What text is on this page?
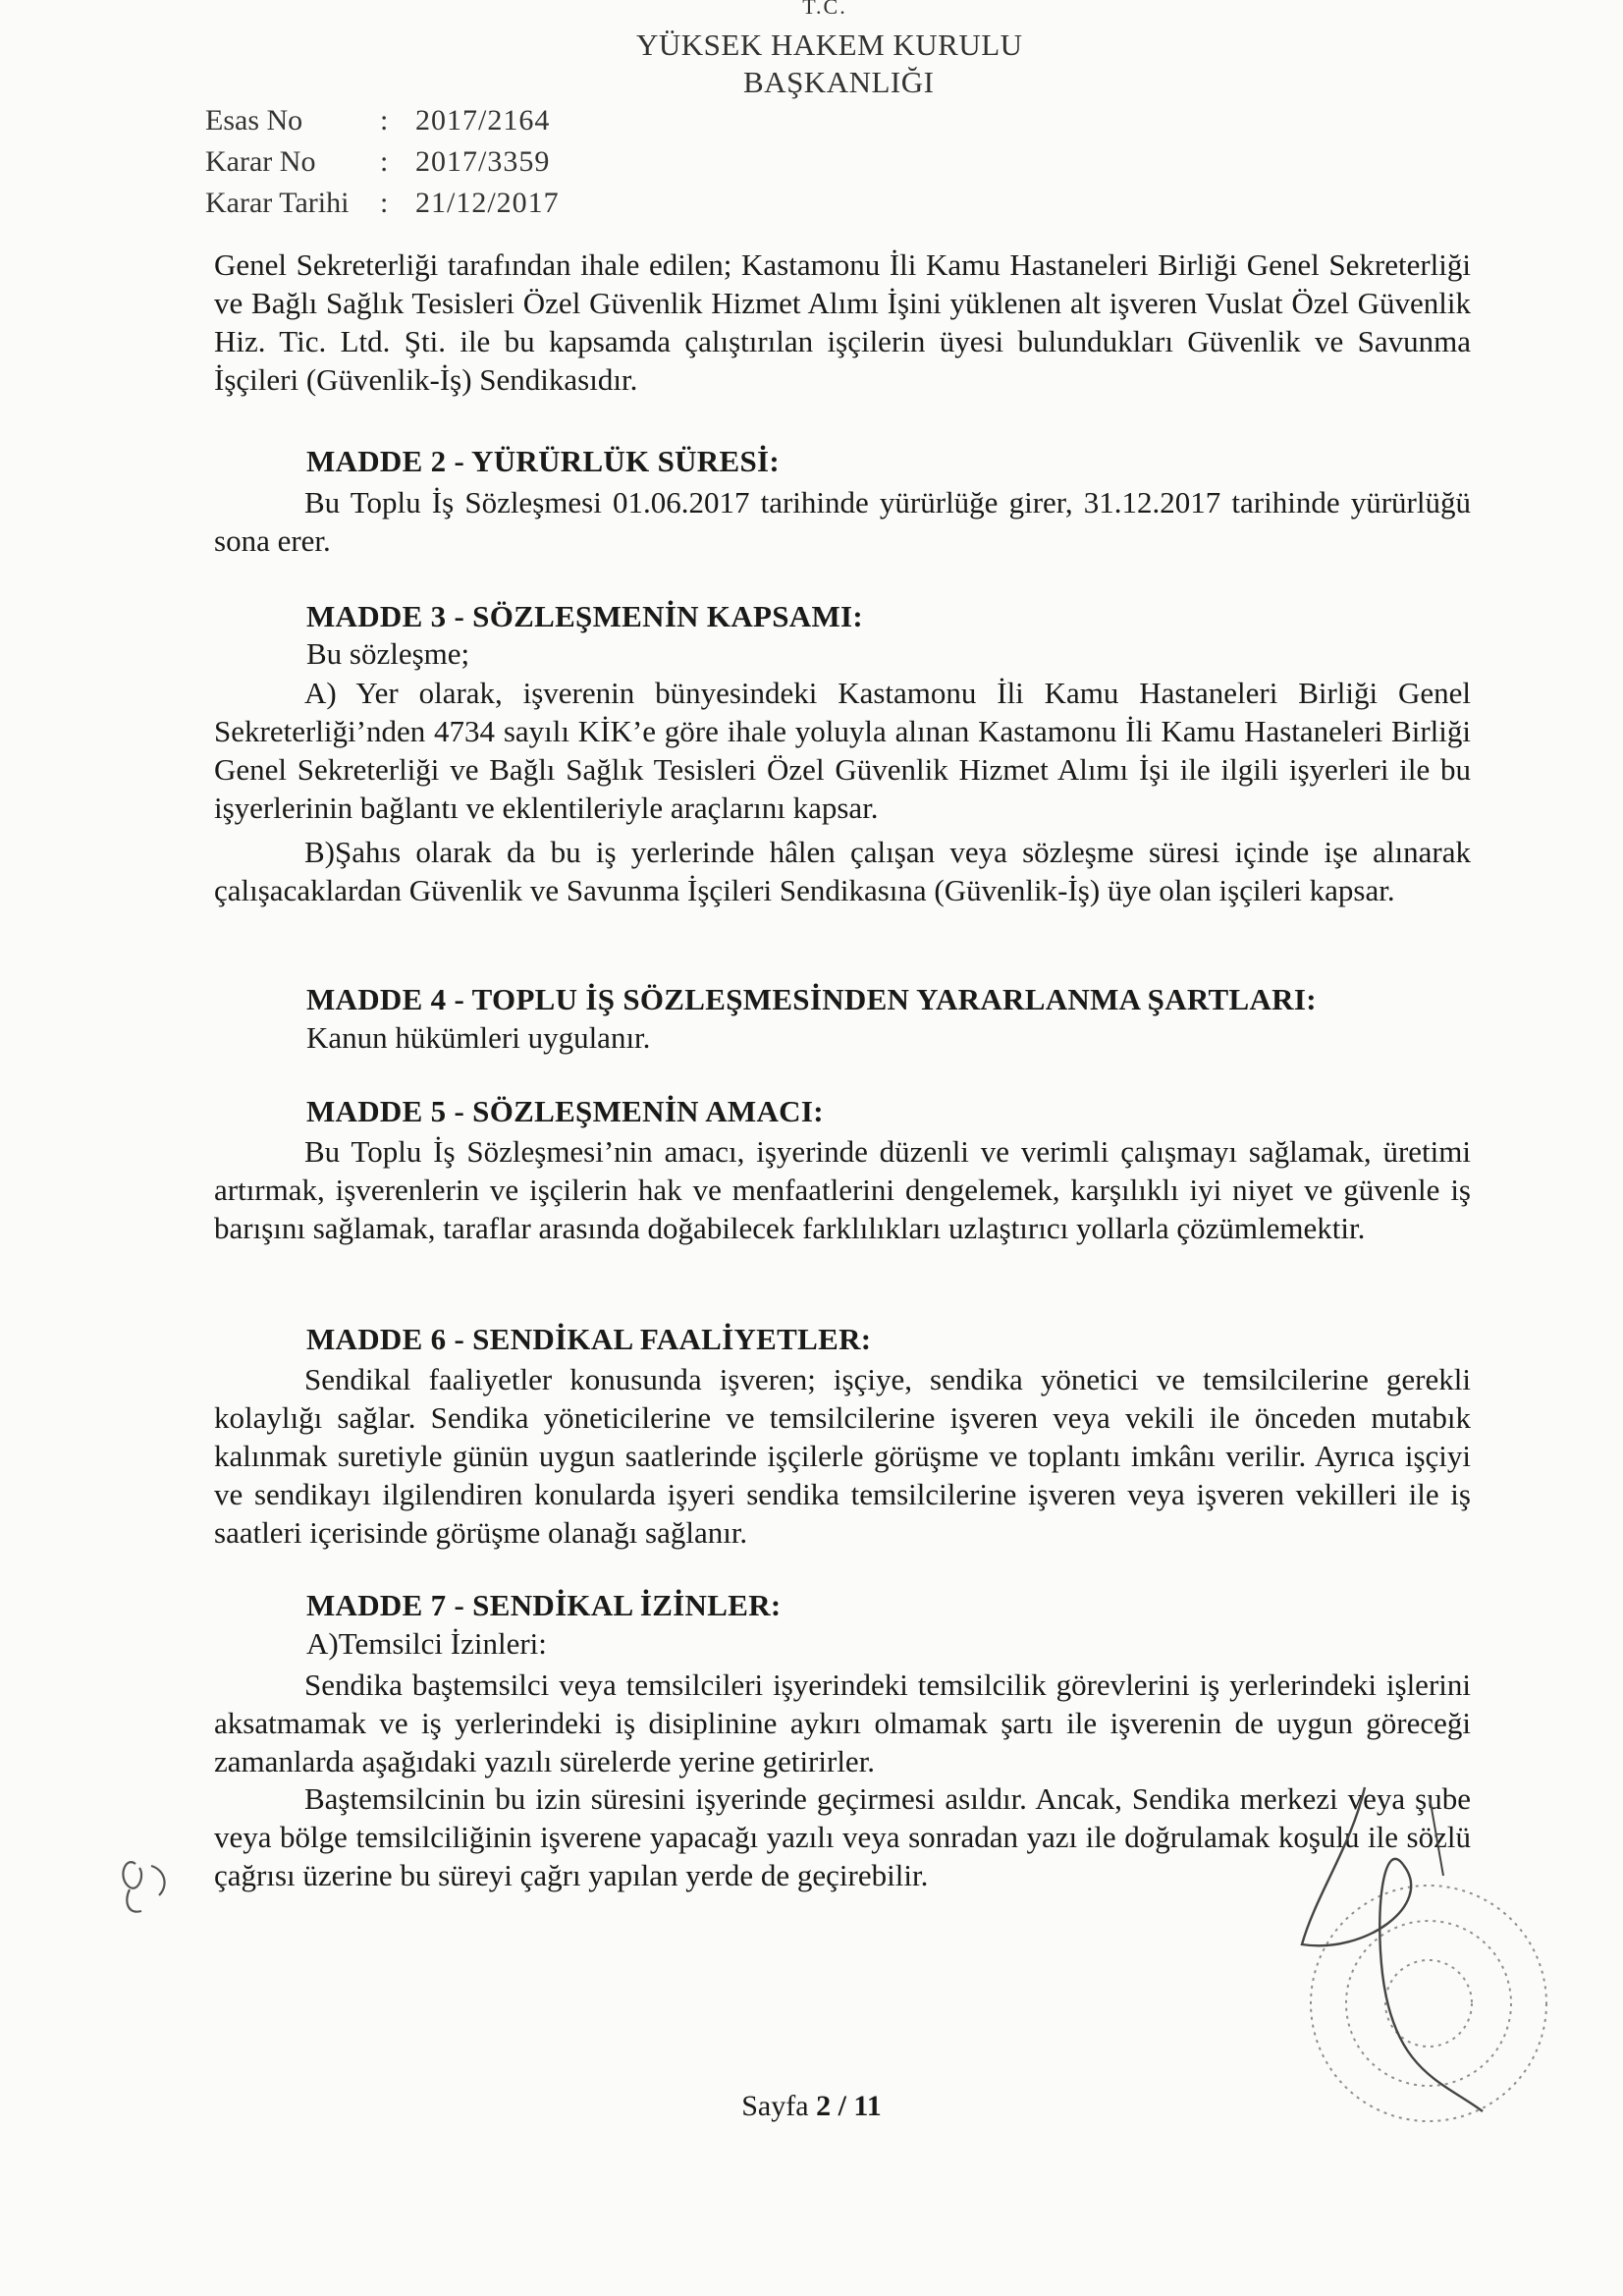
T.C.
YÜKSEK HAKEM KURULU
BAŞKANLIĞI
Esas No	: 2017/2164
Karar No	: 2017/3359
Karar Tarihi	: 21/12/2017

Genel Sekreterliği tarafından ihale edilen; Kastamonu İli Kamu Hastaneleri Birliği Genel Sekreterliği ve Bağlı Sağlık Tesisleri Özel Güvenlik Hizmet Alımı İşini yüklenen alt işveren Vuslat Özel Güvenlik Hiz. Tic. Ltd. Şti. ile bu kapsamda çalıştırılan işçilerin üyesi bulundukları Güvenlik ve Savunma İşçileri (Güvenlik-İş) Sendikasıdır.

MADDE 2 - YÜRÜRLÜK SÜRESİ:

Bu Toplu İş Sözleşmesi 01.06.2017 tarihinde yürürlüğe girer, 31.12.2017 tarihinde yürürlüğü sona erer.

MADDE 3 - SÖZLEŞMENİN KAPSAMI:
Bu sözleşme;

A) Yer olarak, işverenin bünyesindeki Kastamonu İli Kamu Hastaneleri Birliği Genel Sekreterliği’nden 4734 sayılı KİK’e göre ihale yoluyla alınan Kastamonu İli Kamu Hastaneleri Birliği Genel Sekreterliği ve Bağlı Sağlık Tesisleri Özel Güvenlik Hizmet Alımı İşi ile ilgili işyerleri ile bu işyerlerinin bağlantı ve eklentileriyle araçlarını kapsar.

B)Şahıs olarak da bu iş yerlerinde hâlen çalışan veya sözleşme süresi içinde işe alınarak çalışacaklardan Güvenlik ve Savunma İşçileri Sendikasına (Güvenlik-İş) üye olan işçileri kapsar.

MADDE 4 - TOPLU İŞ SÖZLEŞMESİNDEN YARARLANMA ŞARTLARI:
Kanun hükümleri uygulanır.
MADDE 5 - SÖZLEŞMENİN AMACI:

Bu Toplu İş Sözleşmesi’nin amacı, işyerinde düzenli ve verimli çalışmayı sağlamak, üretimi artırmak, işverenlerin ve işçilerin hak ve menfaatlerini dengelemek, karşılıklı iyi niyet ve güvenle iş barışını sağlamak, taraflar arasında doğabilecek farklılıkları uzlaştırıcı yollarla çözümlemektir.

MADDE 6 - SENDİKAL FAALİYETLER:

Sendikal faaliyetler konusunda işveren; işçiye, sendika yönetici ve temsilcilerine gerekli kolaylığı sağlar. Sendika yöneticilerine ve temsilcilerine işveren veya vekili ile önceden mutabık kalınmak suretiyle günün uygun saatlerinde işçilerle görüşme ve toplantı imkânı verilir. Ayrıca işçiyi ve sendikayı ilgilendiren konularda işyeri sendika temsilcilerine işveren veya işveren vekilleri ile iş saatleri içerisinde görüşme olanağı sağlanır.

MADDE 7 - SENDİKAL İZİNLER:
A)Temsilci İzinleri:

Sendika baştemsilci veya temsilcileri işyerindeki temsilcilik görevlerini iş yerlerindeki işlerini aksatmamak ve iş yerlerindeki iş disiplinine aykırı olmamak şartı ile işverenin de uygun göreceği zamanlarda aşağıdaki yazılı sürelerde yerine getirirler.

Baştemsilcinin bu izin süresini işyerinde geçirmesi asıldır. Ancak, Sendika merkezi veya şube veya bölge temsilciliğinin işverene yapacağı yazılı veya sonradan yazı ile doğrulamak koşulu ile sözlü çağrısı üzerine bu süreyi çağrı yapılan yerde de geçirebilir.

Sayfa 2 / 11
